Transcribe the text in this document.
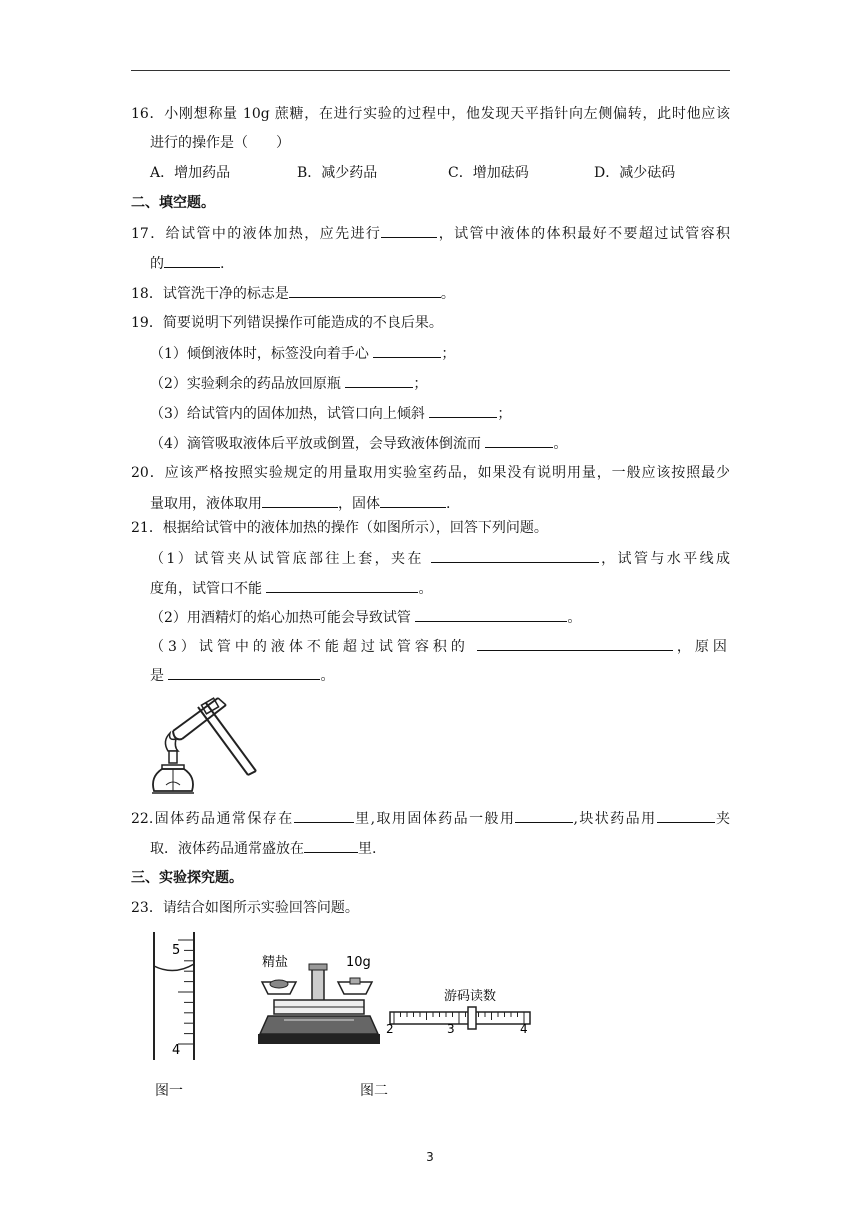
16．小刚想称量 10g 蔗糖，在进行实验的过程中，他发现天平指针向左侧偏转，此时他应该
进行的操作是（　　）
A．增加药品	B．减少药品	C．增加砝码	D．减少砝码
二、填空题。
17．给试管中的液体加热，应先进行	，试管中液体的体积最好不要超过试管容积
的	.
18．试管洗干净的标志是	。
19．简要说明下列错误操作可能造成的不良后果。
（1）倾倒液体时，标签没向着手心	；
（2）实验剩余的药品放回原瓶	；
（3）给试管内的固体加热，试管口向上倾斜	；
（4）滴管吸取液体后平放或倒置，会导致液体倒流而	。
20．应该严格按照实验规定的用量取用实验室药品，如果没有说明用量，一般应该按照最少
量取用，液体取用	，固体	.
21．根据给试管中的液体加热的操作（如图所示），回答下列问题。
（1）试管夹从试管底部往上套，夹在	，试管与水平线成
度角，试管口不能	。
（2）用酒精灯的焰心加热可能会导致试管	。
（3）试管中的液体不能超过试管容积的	，原因
是	。
22.固体药品通常保存在	里,取用固体药品一般用	,块状药品用	夹
取．液体药品通常盛放在	里.
三、实验探究题。
23．请结合如图所示实验回答问题。
5
4
图一
精盐	10g
图二
游码读数
2	3	4
3
